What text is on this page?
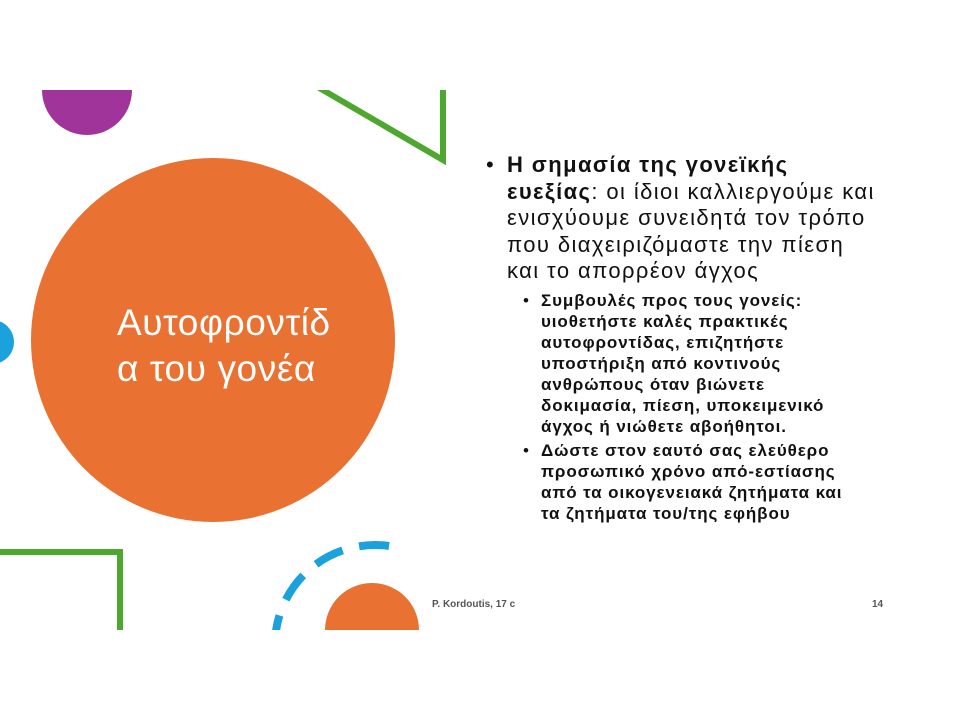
Αυτοφροντίδ
α του γονέα
• Η σημασία της γονεϊκής
ευεξίας: οι ίδιοι καλλιεργούμε και
ενισχύουμε συνειδητά τον τρόπο
που διαχειριζόμαστε την πίεση
και το απορρέον άγχος
• Συμβουλές προς τους γονείς:
υιοθετήστε καλές πρακτικές
αυτοφροντίδας, επιζητήστε
υποστήριξη από κοντινούς
ανθρώπους όταν βιώνετε
δοκιμασία, πίεση, υποκειμενικό
άγχος ή νιώθετε αβοήθητοι.
• Δώστε στον εαυτό σας ελεύθερο
προσωπικό χρόνο από-εστίασης
από τα οικογενειακά ζητήματα και
τα ζητήματα του/της εφήβου
P. Kordoutis, 17 c	14
